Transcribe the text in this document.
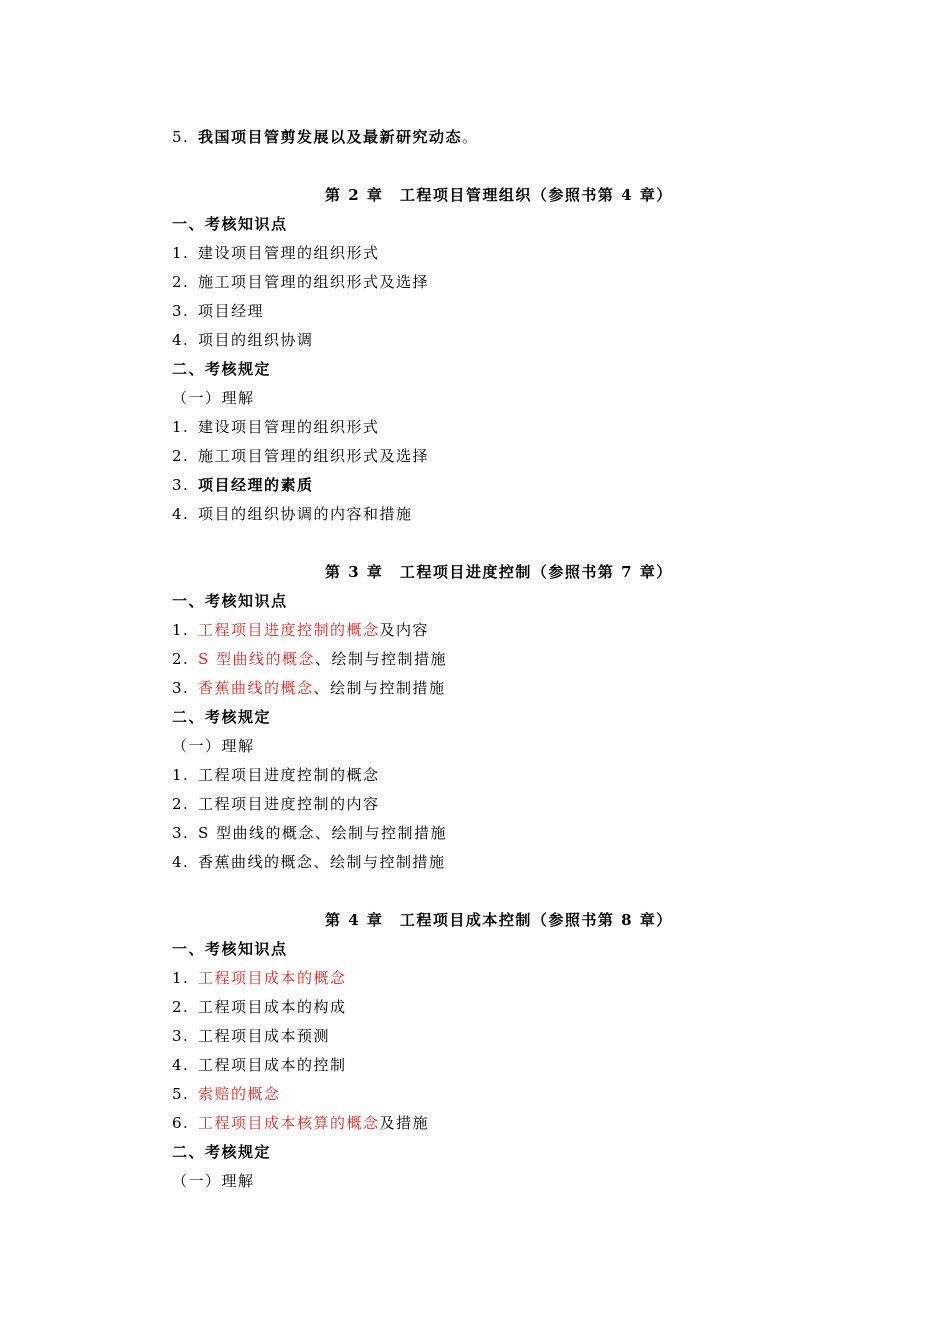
5. 我国项目管剪发展以及最新研究动态。
第 2 章　工程项目管理组织（参照书第 4 章）
一、考核知识点
1. 建设项目管理的组织形式
2. 施工项目管理的组织形式及选择
3. 项目经理
4. 项目的组织协调
二、考核规定
（一）理解
1. 建设项目管理的组织形式
2. 施工项目管理的组织形式及选择
3. 项目经理的素质
4. 项目的组织协调的内容和措施
第 3 章　工程项目进度控制（参照书第 7 章）
一、考核知识点
1. 工程项目进度控制的概念及内容
2. S 型曲线的概念、绘制与控制措施
3. 香蕉曲线的概念、绘制与控制措施
二、考核规定
（一）理解
1. 工程项目进度控制的概念
2. 工程项目进度控制的内容
3. S 型曲线的概念、绘制与控制措施
4. 香蕉曲线的概念、绘制与控制措施
第 4 章　工程项目成本控制（参照书第 8 章）
一、考核知识点
1. 工程项目成本的概念
2. 工程项目成本的构成
3. 工程项目成本预测
4. 工程项目成本的控制
5. 索赔的概念
6. 工程项目成本核算的概念及措施
二、考核规定
（一）理解
